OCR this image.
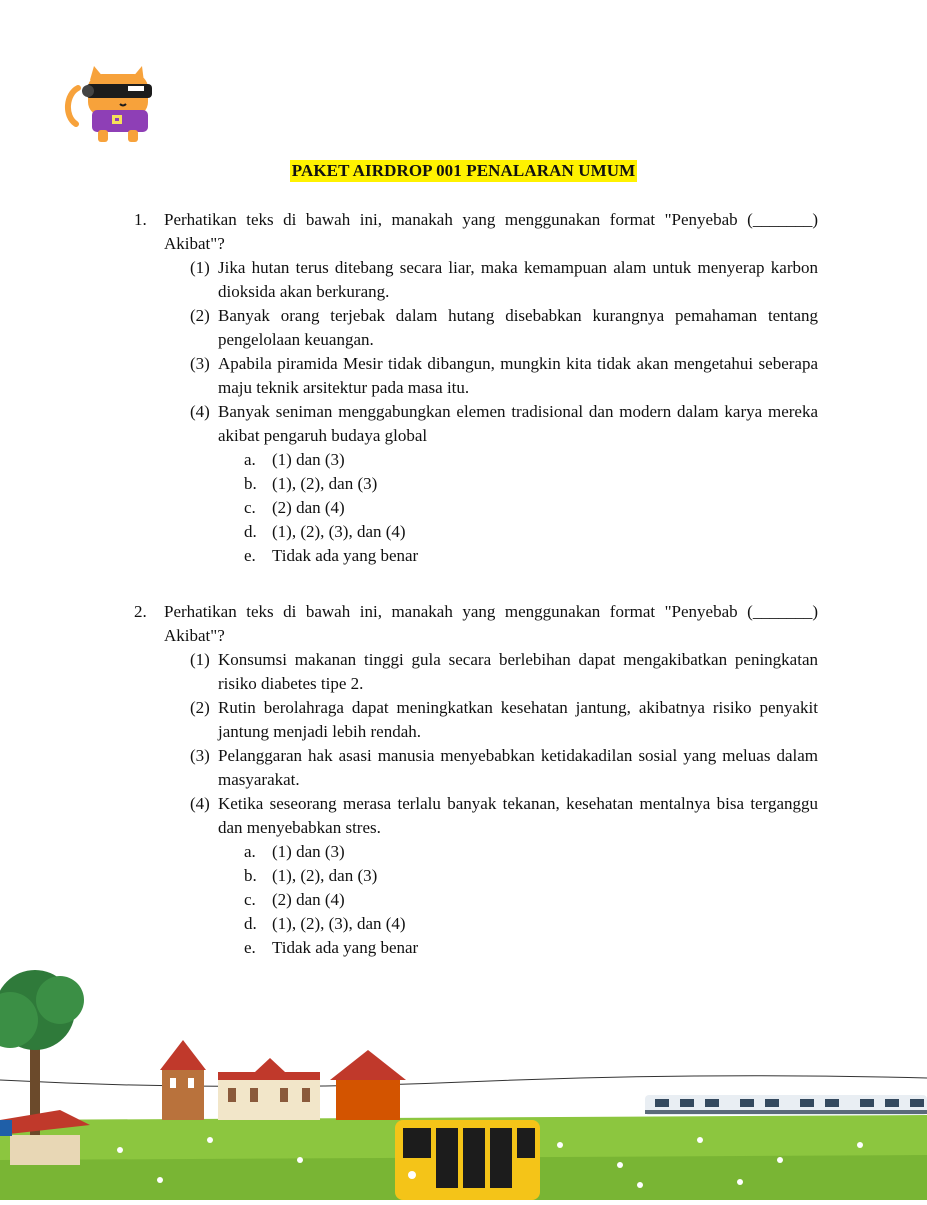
PAKET AIRDROP 001 PENALARAN UMUM
1.	Perhatikan teks di bawah ini, manakah yang menggunakan format "Penyebab (_______) Akibat"?
(1) Jika hutan terus ditebang secara liar, maka kemampuan alam untuk menyerap karbon dioksida akan berkurang.
(2) Banyak orang terjebak dalam hutang disebabkan kurangnya pemahaman tentang pengelolaan keuangan.
(3) Apabila piramida Mesir tidak dibangun, mungkin kita tidak akan mengetahui seberapa maju teknik arsitektur pada masa itu.
(4) Banyak seniman menggabungkan elemen tradisional dan modern dalam karya mereka akibat pengaruh budaya global
a. (1) dan (3)
b. (1), (2), dan (3)
c. (2) dan (4)
d. (1), (2), (3), dan (4)
e. Tidak ada yang benar
2.	Perhatikan teks di bawah ini, manakah yang menggunakan format "Penyebab (_______) Akibat"?
(1) Konsumsi makanan tinggi gula secara berlebihan dapat mengakibatkan peningkatan risiko diabetes tipe 2.
(2) Rutin berolahraga dapat meningkatkan kesehatan jantung, akibatnya risiko penyakit jantung menjadi lebih rendah.
(3) Pelanggaran hak asasi manusia menyebabkan ketidakadilan sosial yang meluas dalam masyarakat.
(4) Ketika seseorang merasa terlalu banyak tekanan, kesehatan mentalnya bisa terganggu dan menyebabkan stres.
a. (1) dan (3)
b. (1), (2), dan (3)
c. (2) dan (4)
d. (1), (2), (3), dan (4)
e. Tidak ada yang benar
